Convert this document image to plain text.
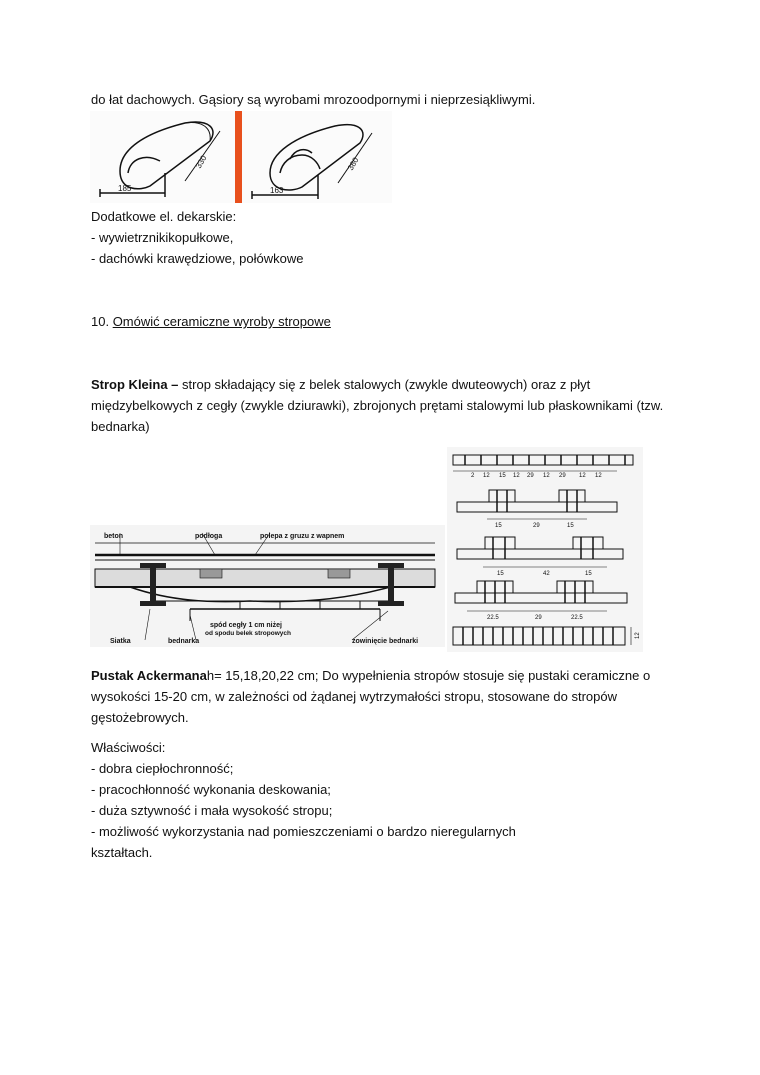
do łat dachowych. Gąsiory są wyrobami mrozoodpornymi i nieprzesiąkliwymi.
185
330
163
380
Dodatkowe el. dekarskie:
- wywietrznikikopułkowe,
- dachówki krawędziowe, połówkowe
10. Omówić ceramiczne wyroby stropowe
Strop Kleina – strop składający się z belek stalowych (zwykle dwuteowych) oraz z płyt
międzybelkowych z cegły (zwykle dziurawki), zbrojonych prętami stalowymi lub płaskownikami (tzw.
bednarka)
beton	podłoga	polepa z gruzu z wapnem
spód cegły 1 cm niżej
od spodu belek stropowych
Siatka	bednarka	zowinięcie bednarki
2 12 15 12 29 12 29 12 12
15	29	15
15	42	15
22.5	29	22.5
12
Pustak Ackermanah= 15,18,20,22 cm; Do wypełnienia stropów stosuje się pustaki ceramiczne o
wysokości 15-20 cm, w zależności od żądanej wytrzymałości stropu, stosowane do stropów
gęstożebrowych.
Właściwości:
- dobra ciepłochronność;
- pracochłonność wykonania deskowania;
- duża sztywność i mała wysokość stropu;
- możliwość wykorzystania nad pomieszczeniami o bardzo nieregularnych
kształtach.
